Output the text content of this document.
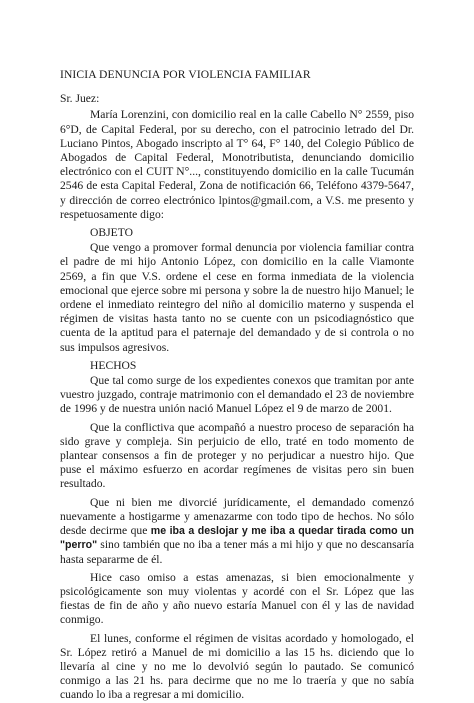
INICIA DENUNCIA POR VIOLENCIA FAMILIAR
Sr. Juez:

María Lorenzini, con domicilio real en la calle Cabello N° 2559, piso 6°D, de Capital Federal, por su derecho, con el patrocinio letrado del Dr. Luciano Pintos, Abogado inscripto al T° 64, F° 140, del Colegio Público de Abogados de Capital Federal, Monotributista, denunciando domicilio electrónico con el CUIT N°..., constituyendo domicilio en la calle Tucumán 2546 de esta Capital Federal, Zona de notificación 66, Teléfono 4379-5647, y dirección de correo electrónico lpintos@gmail.com, a V.S. me presento y respetuosamente digo:

OBJETO

Que vengo a promover formal denuncia por violencia familiar contra el padre de mi hijo Antonio López, con domicilio en la calle Viamonte 2569, a fin que V.S. ordene el cese en forma inmediata de la violencia emocional que ejerce sobre mi persona y sobre la de nuestro hijo Manuel; le ordene el inmediato reintegro del niño al domicilio materno y suspenda el régimen de visitas hasta tanto no se cuente con un psicodiagnóstico que cuenta de la aptitud para el paternaje del demandado y de si controla o no sus impulsos agresivos.

HECHOS

Que tal como surge de los expedientes conexos que tramitan por ante vuestro juzgado, contraje matrimonio con el demandado el 23 de noviembre de 1996 y de nuestra unión nació Manuel López el 9 de marzo de 2001.

Que la conflictiva que acompañó a nuestro proceso de separación ha sido grave y compleja. Sin perjuicio de ello, traté en todo momento de plantear consensos a fin de proteger y no perjudicar a nuestro hijo. Que puse el máximo esfuerzo en acordar regímenes de visitas pero sin buen resultado.

Que ni bien me divorcié jurídicamente, el demandado comenzó nuevamente a hostigarme y amenazarme con todo tipo de hechos. No sólo desde decirme que me iba a deslojar y me iba a quedar tirada como un "perro" sino también que no iba a tener más a mi hijo y que no descansaría hasta separarme de él.

Hice caso omiso a estas amenazas, si bien emocionalmente y psicológicamente son muy violentas y acordé con el Sr. López que las fiestas de fin de año y año nuevo estaría Manuel con él y las de navidad conmigo.

El lunes, conforme el régimen de visitas acordado y homologado, el Sr. López retiró a Manuel de mi domicilio a las 15 hs. diciendo que lo llevaría al cine y no me lo devolvió según lo pautado. Se comunicó conmigo a las 21 hs. para decirme que no me lo traería y que no sabía cuando lo iba a regresar a mi domicilio.
